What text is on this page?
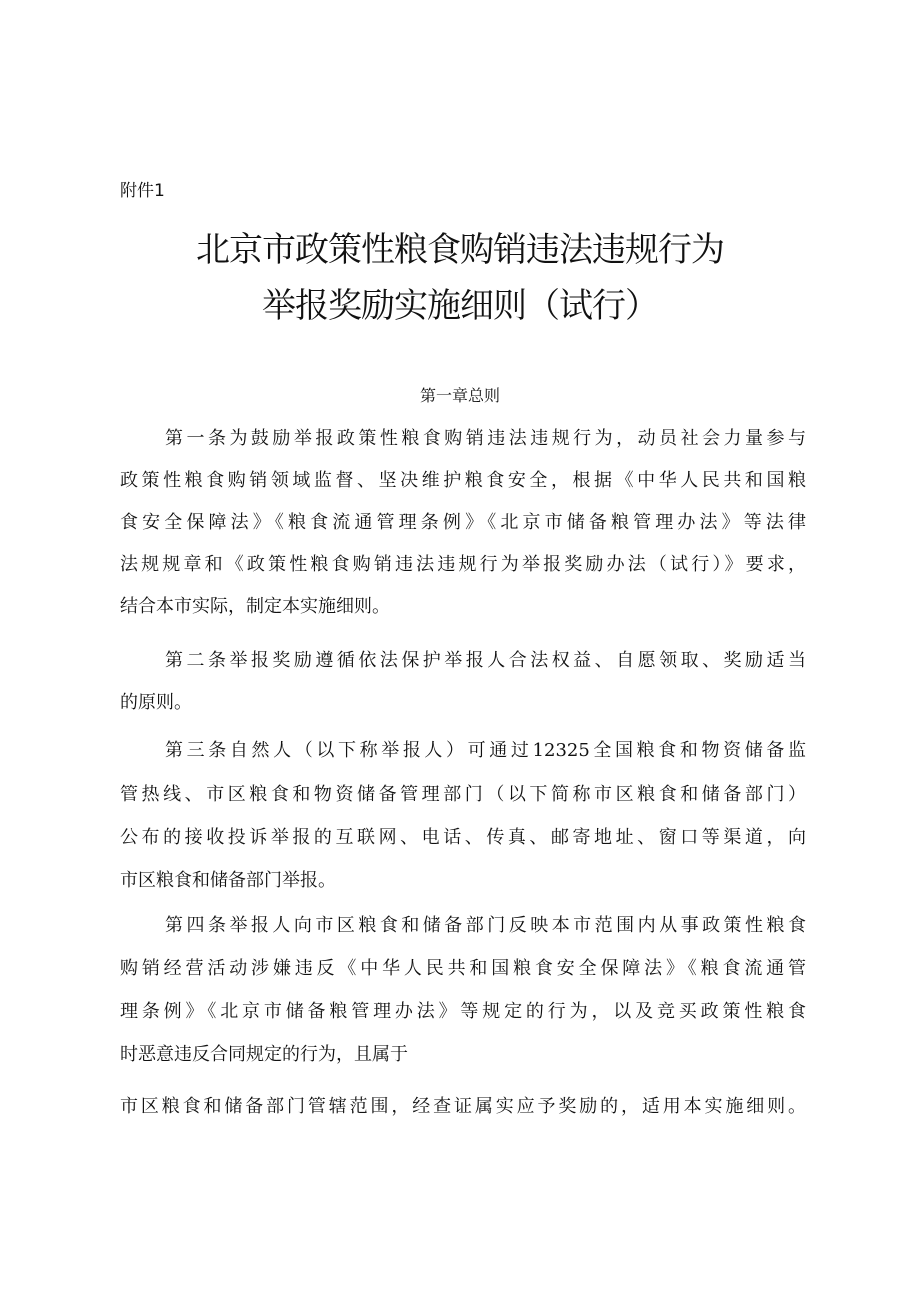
附件1
北京市政策性粮食购销违法违规行为
举报奖励实施细则（试行）
第一章总则
第一条为鼓励举报政策性粮食购销违法违规行为，动员社会力量参与
政策性粮食购销领域监督、坚决维护粮食安全，根据《中华人民共和国粮
食安全保障法》《粮食流通管理条例》《北京市储备粮管理办法》等法律
法规规章和《政策性粮食购销违法违规行为举报奖励办法（试行）》要求，
结合本市实际，制定本实施细则。
第二条举报奖励遵循依法保护举报人合法权益、自愿领取、奖励适当
的原则。
第三条自然人（以下称举报人）可通过12325全国粮食和物资储备监
管热线、市区粮食和物资储备管理部门（以下简称市区粮食和储备部门）
公布的接收投诉举报的互联网、电话、传真、邮寄地址、窗口等渠道，向
市区粮食和储备部门举报。
第四条举报人向市区粮食和储备部门反映本市范围内从事政策性粮食
购销经营活动涉嫌违反《中华人民共和国粮食安全保障法》《粮食流通管
理条例》《北京市储备粮管理办法》等规定的行为，以及竞买政策性粮食
时恶意违反合同规定的行为，且属于
市区粮食和储备部门管辖范围，经查证属实应予奖励的，适用本实施细则。
